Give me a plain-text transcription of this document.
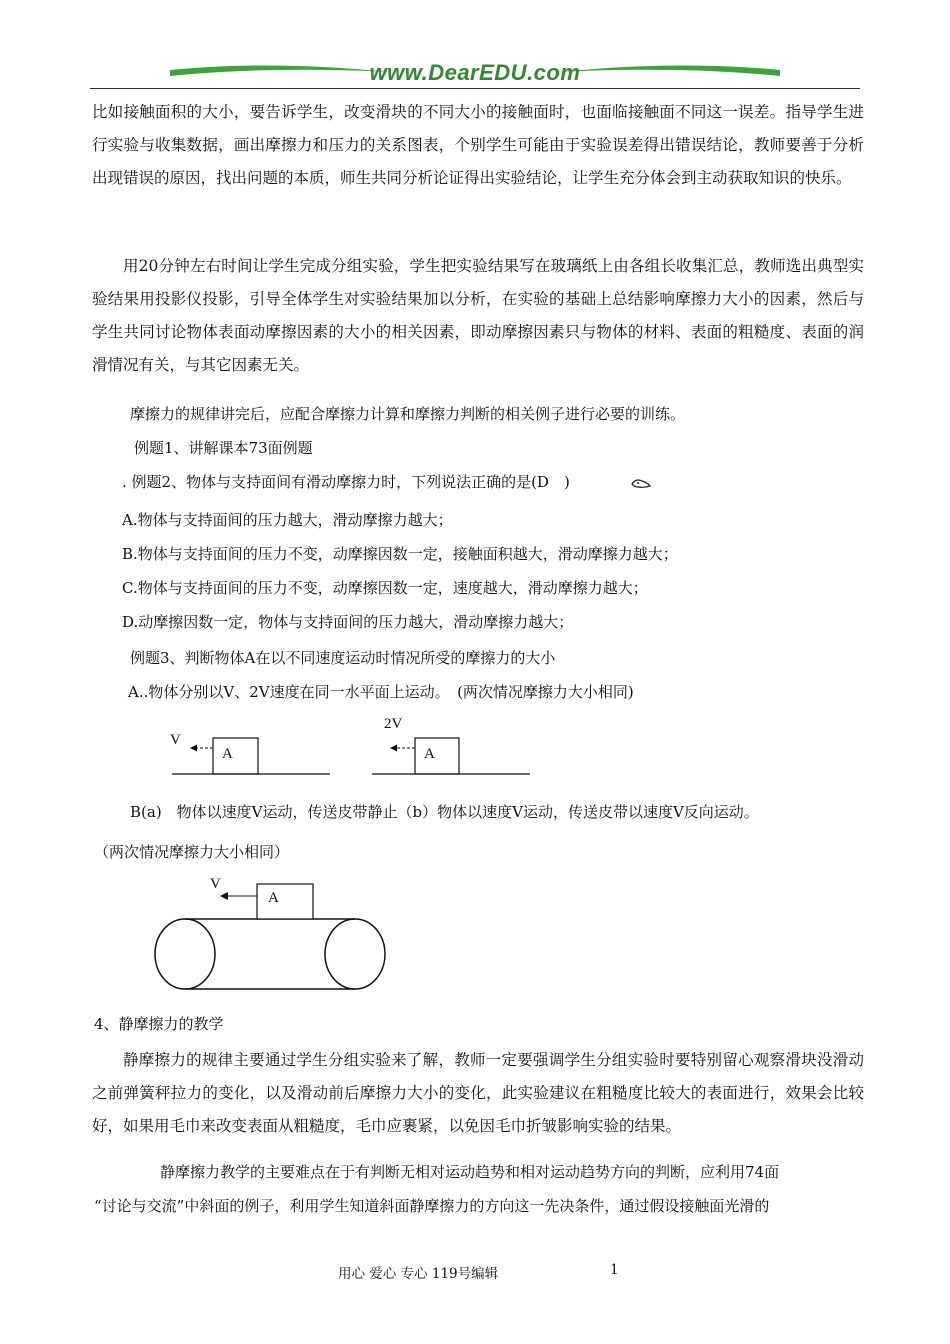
www.DearEDU.com

比如接触面积的大小，要告诉学生，改变滑块的不同大小的接触面时，也面临接触面不同这一误差。指导学生进行实验与收集数据，画出摩擦力和压力的关系图表，个别学生可能由于实验误差得出错误结论，教师要善于分析出现错误的原因，找出问题的本质，师生共同分析论证得出实验结论，让学生充分体会到主动获取知识的快乐。

用20分钟左右时间让学生完成分组实验，学生把实验结果写在玻璃纸上由各组长收集汇总，教师选出典型实验结果用投影仪投影，引导全体学生对实验结果加以分析，在实验的基础上总结影响摩擦力大小的因素，然后与学生共同讨论物体表面动摩擦因素的大小的相关因素，即动摩擦因素只与物体的材料、表面的粗糙度、表面的润滑情况有关，与其它因素无关。

摩擦力的规律讲完后，应配合摩擦力计算和摩擦力判断的相关例子进行必要的训练。

例题1、讲解课本73面例题

. 例题2、物体与支持面间有滑动摩擦力时，下列说法正确的是(D　)

A.物体与支持面间的压力越大，滑动摩擦力越大；

B.物体与支持面间的压力不变，动摩擦因数一定，接触面积越大，滑动摩擦力越大；

C.物体与支持面间的压力不变，动摩擦因数一定，速度越大，滑动摩擦力越大；

D.动摩擦因数一定，物体与支持面间的压力越大，滑动摩擦力越大；

例题3、判断物体A在以不同速度运动时情况所受的摩擦力的大小

A..物体分别以V、2V速度在同一水平面上运动。　(两次情况摩擦力大小相同)

V
A
2V
A

B(a)　物体以速度V运动，传送皮带静止（b）物体以速度V运动，传送皮带以速度V反向运动。

（两次情况摩擦力大小相同）

V
A

4、静摩擦力的教学

静摩擦力的规律主要通过学生分组实验来了解，教师一定要强调学生分组实验时要特别留心观察滑块没滑动之前弹簧秤拉力的变化，以及滑动前后摩擦力大小的变化，此实验建议在粗糙度比较大的表面进行，效果会比较好，如果用毛巾来改变表面从粗糙度，毛巾应裹紧，以免因毛巾折皱影响实验的结果。

静摩擦力教学的主要难点在于有判断无相对运动趋势和相对运动趋势方向的判断，应利用74面

“讨论与交流”中斜面的例子，利用学生知道斜面静摩擦力的方向这一先决条件，通过假设接触面光滑的

用心 爱心 专心 119号编辑	1
